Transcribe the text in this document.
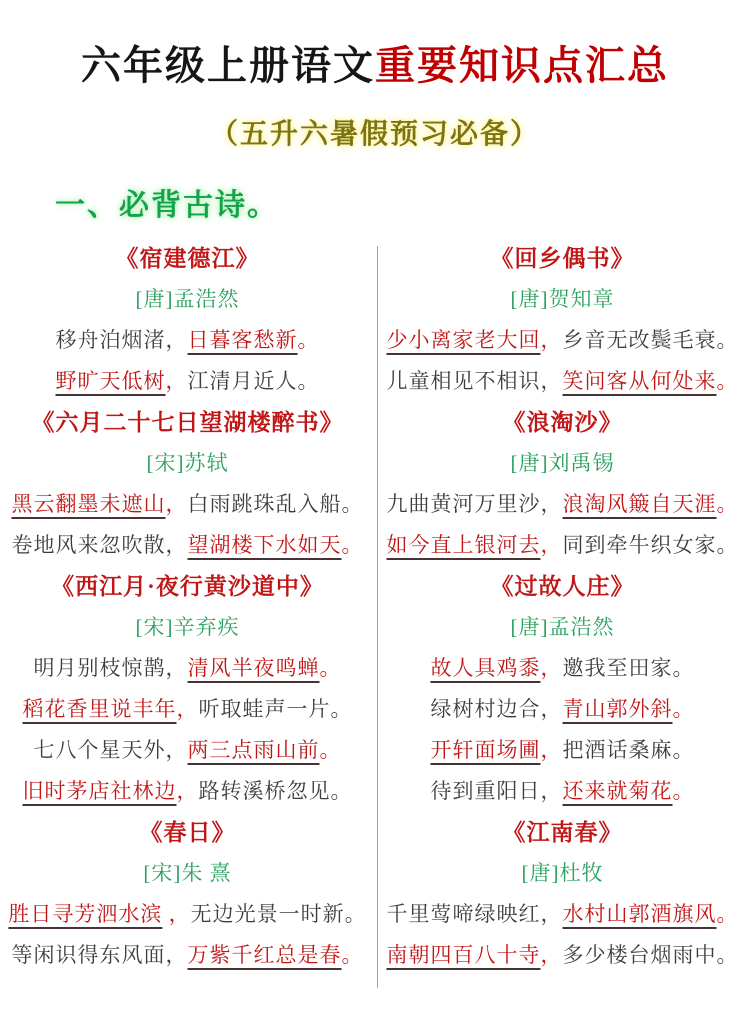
六年级上册语文重要知识点汇总
（五升六暑假预习必备）
一、必背古诗。
《宿建德江》
[唐]孟浩然
移舟泊烟渚，日暮客愁新。
野旷天低树，江清月近人。
《六月二十七日望湖楼醉书》
[宋]苏轼
黑云翻墨未遮山，白雨跳珠乱入船。
卷地风来忽吹散，望湖楼下水如天。
《西江月·夜行黄沙道中》
[宋]辛弃疾
明月别枝惊鹊，清风半夜鸣蝉。
稻花香里说丰年，听取蛙声一片。
七八个星天外，两三点雨山前。
旧时茅店社林边，路转溪桥忽见。
《春日》
[宋]朱 熹
胜日寻芳泗水滨 ，无边光景一时新。
等闲识得东风面，万紫千红总是春。
《回乡偶书》
[唐]贺知章
少小离家老大回，乡音无改鬓毛衰。
儿童相见不相识，笑问客从何处来。
《浪淘沙》
[唐]刘禹锡
九曲黄河万里沙，浪淘风簸自天涯。
如今直上银河去，同到牵牛织女家。
《过故人庄》
[唐]孟浩然
故人具鸡黍，邀我至田家。
绿树村边合，青山郭外斜。
开轩面场圃，把酒话桑麻。
待到重阳日，还来就菊花。
《江南春》
[唐]杜牧
千里莺啼绿映红，水村山郭酒旗风。
南朝四百八十寺，多少楼台烟雨中。
